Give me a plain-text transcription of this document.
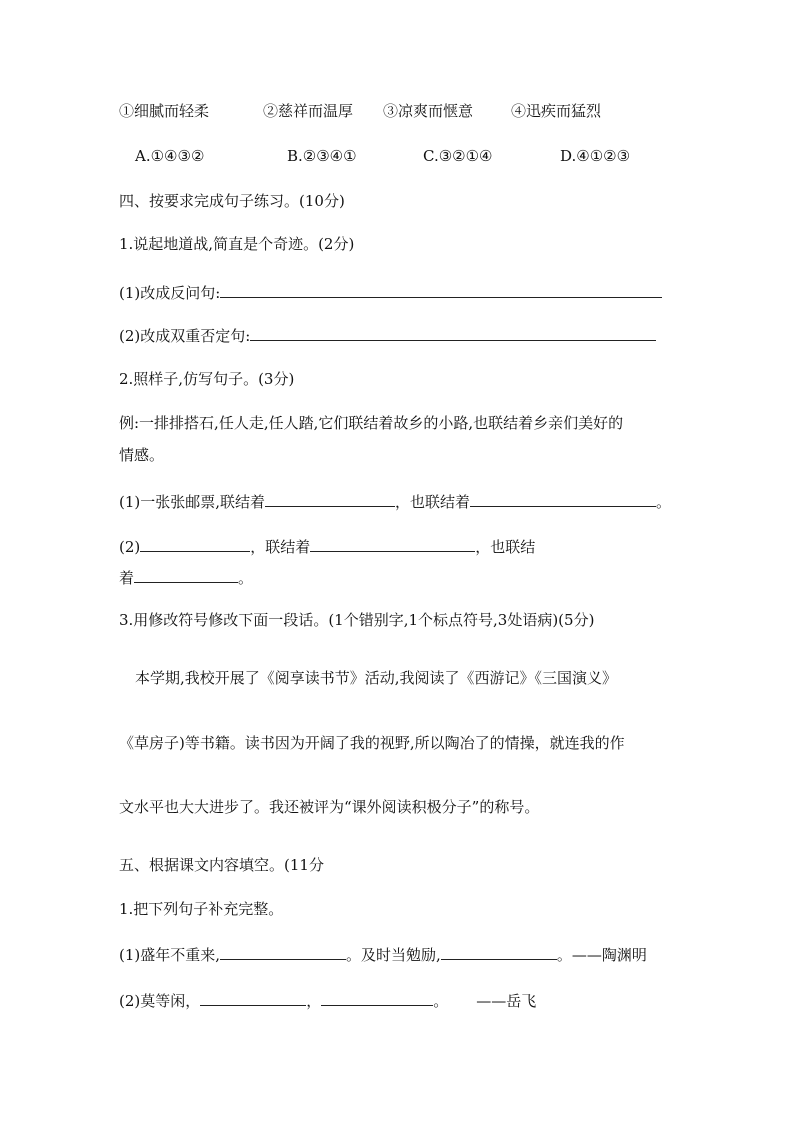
①细腻而轻柔	②慈祥而温厚 ③凉爽而惬意	④迅疾而猛烈
A.①④③②	B.②③④①	C.③②①④	D.④①②③
四、按要求完成句子练习。(10分)
1.说起地道战,简直是个奇迹。(2分)
(1)改成反问句:
(2)改成双重否定句:
2.照样子,仿写句子。(3分)
例:一排排搭石,任人走,任人踏,它们联结着故乡的小路,也联结着乡亲们美好的
情感。
(1)一张张邮票,联结着	，也联结着	。
(2)	，联结着	，也联结
着	。
3.用修改符号修改下面一段话。(1个错别字,1个标点符号,3处语病)(5分)
本学期,我校开展了《阅享读书节》活动,我阅读了《西游记》《三国演义》
《草房子)等书籍。读书因为开阔了我的视野,所以陶冶了的情操，就连我的作
文水平也大大进步了。我还被评为“课外阅读积极分子”的称号。
五、根据课文内容填空。(11分
1.把下列句子补充完整。
(1)盛年不重来,	。及时当勉励,	。——陶渊明
(2)莫等闲，	，	。 ——岳飞
